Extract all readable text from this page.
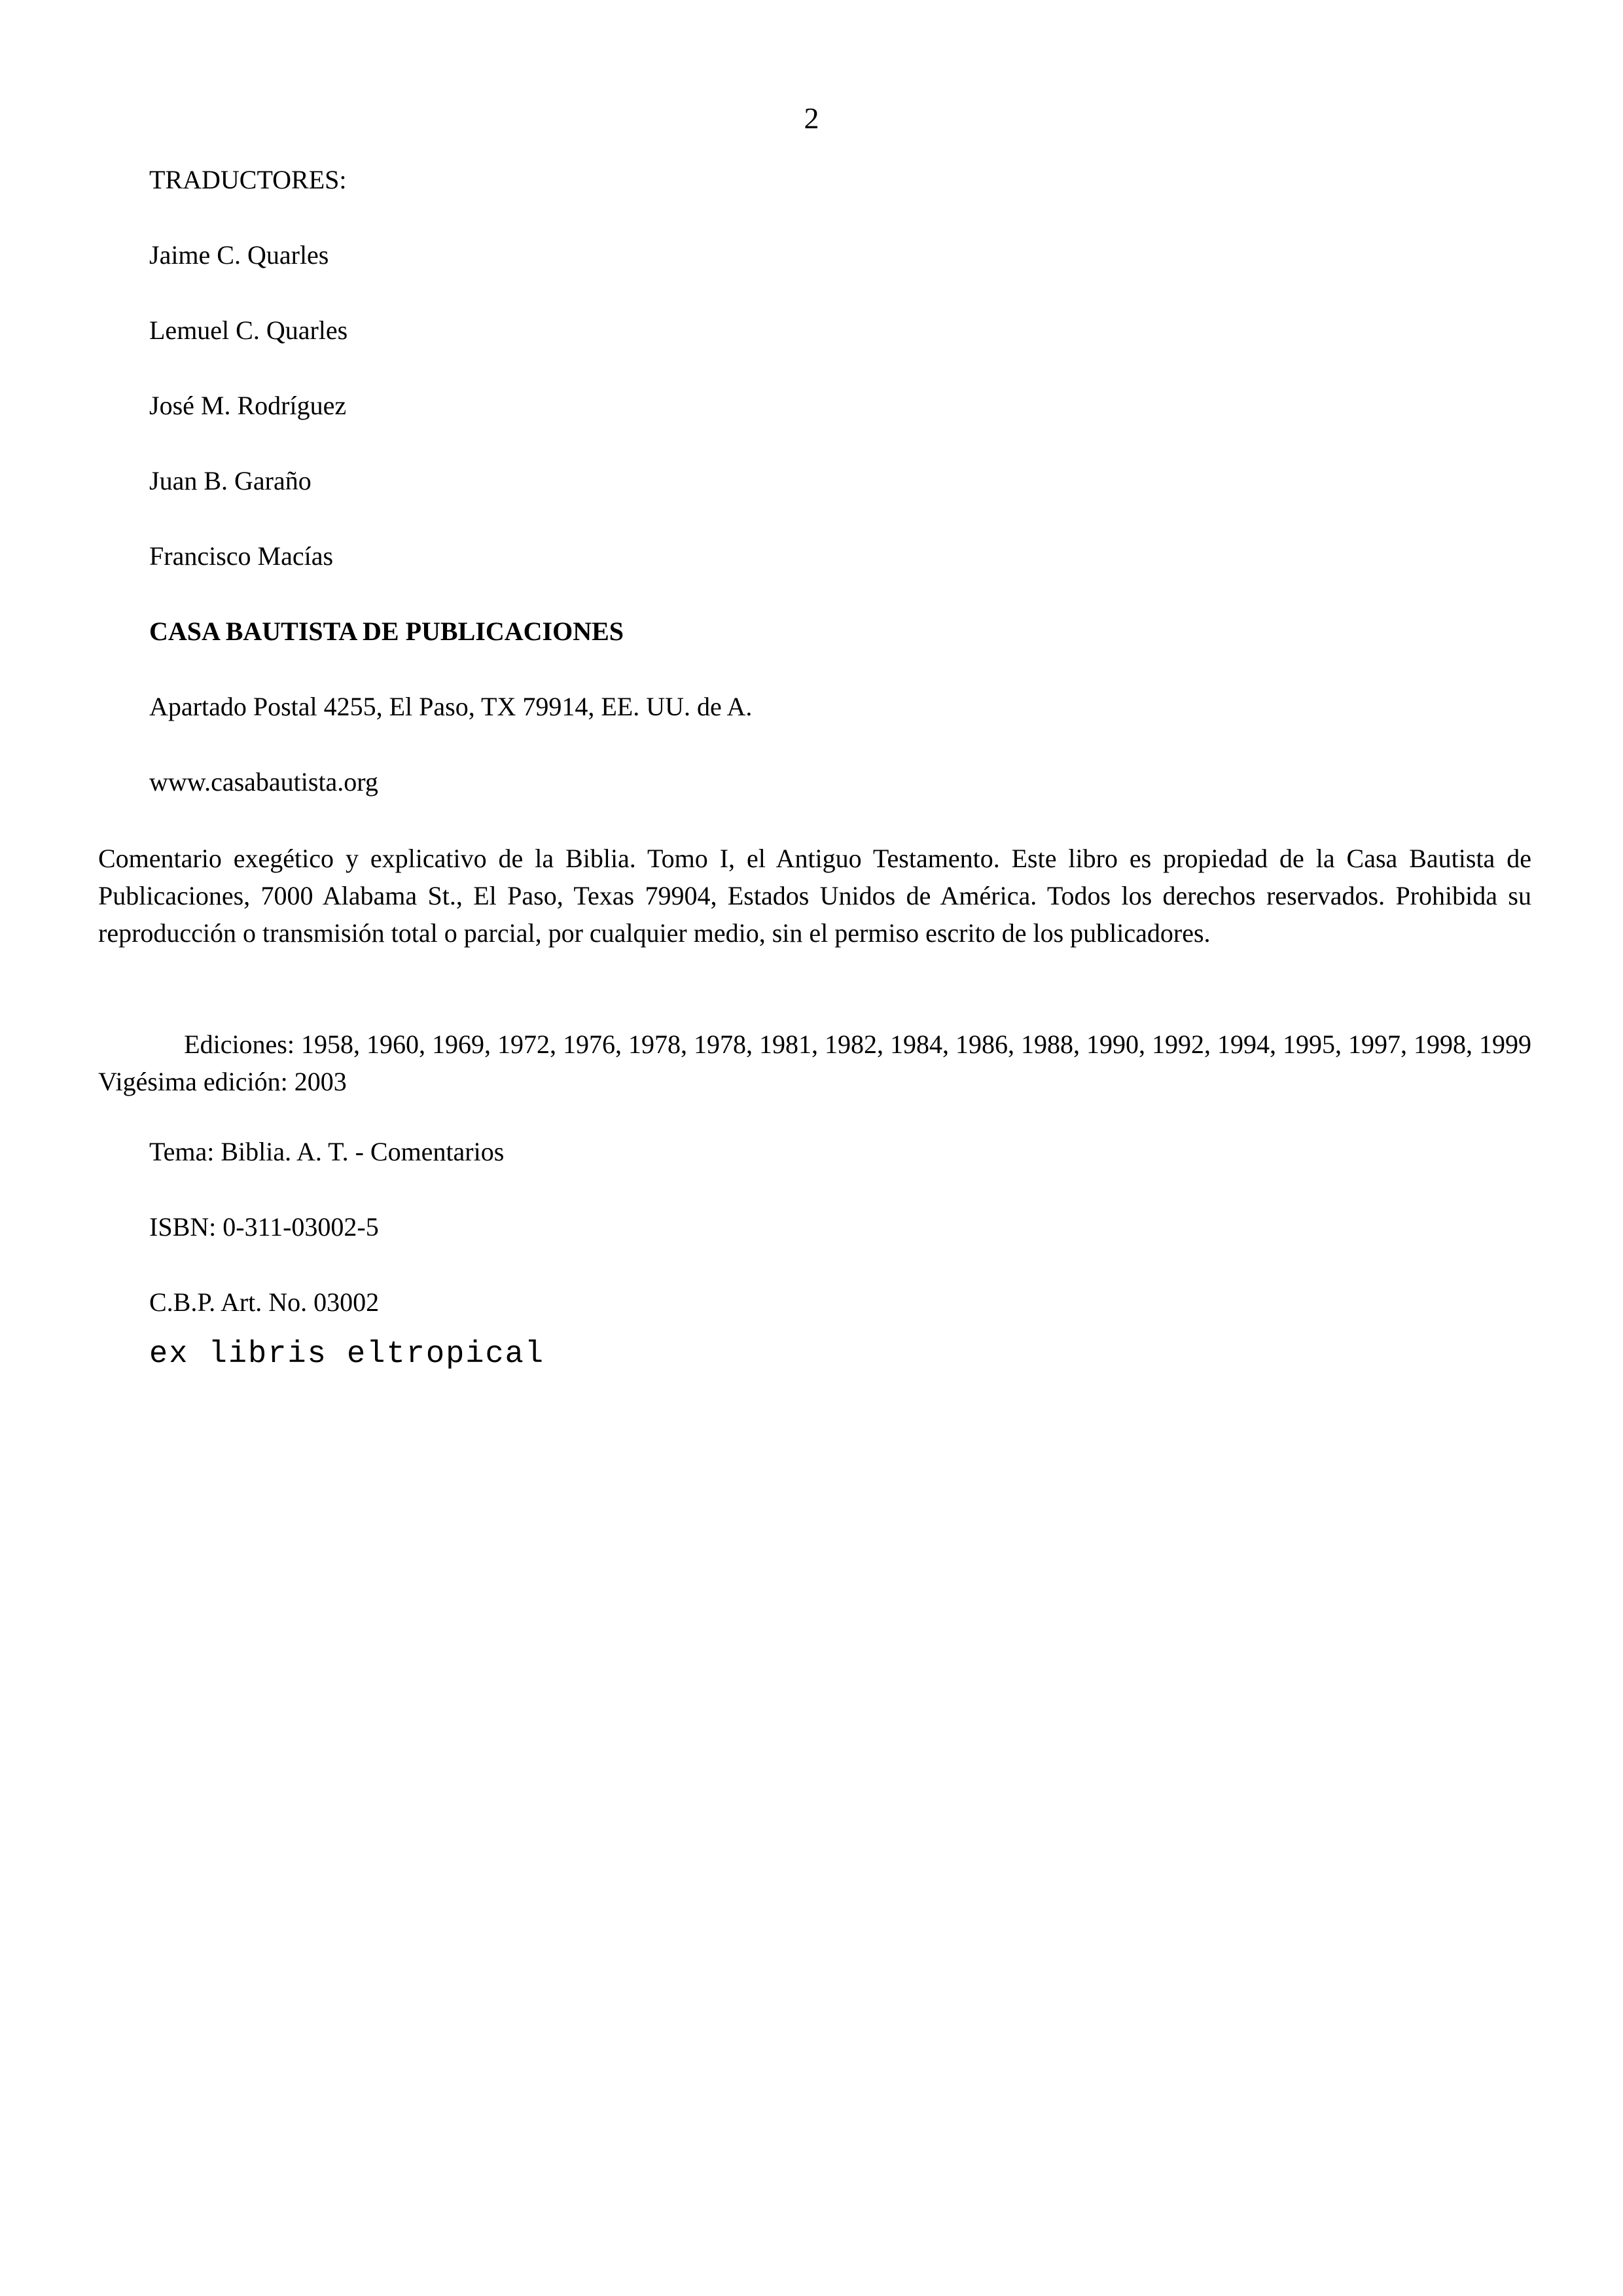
2
TRADUCTORES:
Jaime C. Quarles
Lemuel C. Quarles
José M. Rodríguez
Juan B. Garaño
Francisco Macías
CASA BAUTISTA DE PUBLICACIONES
Apartado Postal 4255, El Paso, TX 79914, EE. UU. de A.
www.casabautista.org
Comentario exegético y explicativo de la Biblia. Tomo I, el Antiguo Testamento. Este libro es propiedad de la Casa Bautista de Publicaciones, 7000 Alabama St., El Paso, Texas 79904, Estados Unidos de América. Todos los derechos reservados. Prohibida su reproducción o transmisión total o parcial, por cualquier medio, sin el permiso escrito de los publicadores.
Ediciones: 1958, 1960, 1969, 1972, 1976, 1978, 1978, 1981, 1982, 1984, 1986, 1988, 1990, 1992, 1994, 1995, 1997, 1998, 1999
Vigésima edición: 2003
Tema: Biblia. A. T. - Comentarios
ISBN: 0-311-03002-5
C.B.P. Art. No. 03002
ex libris eltropical
